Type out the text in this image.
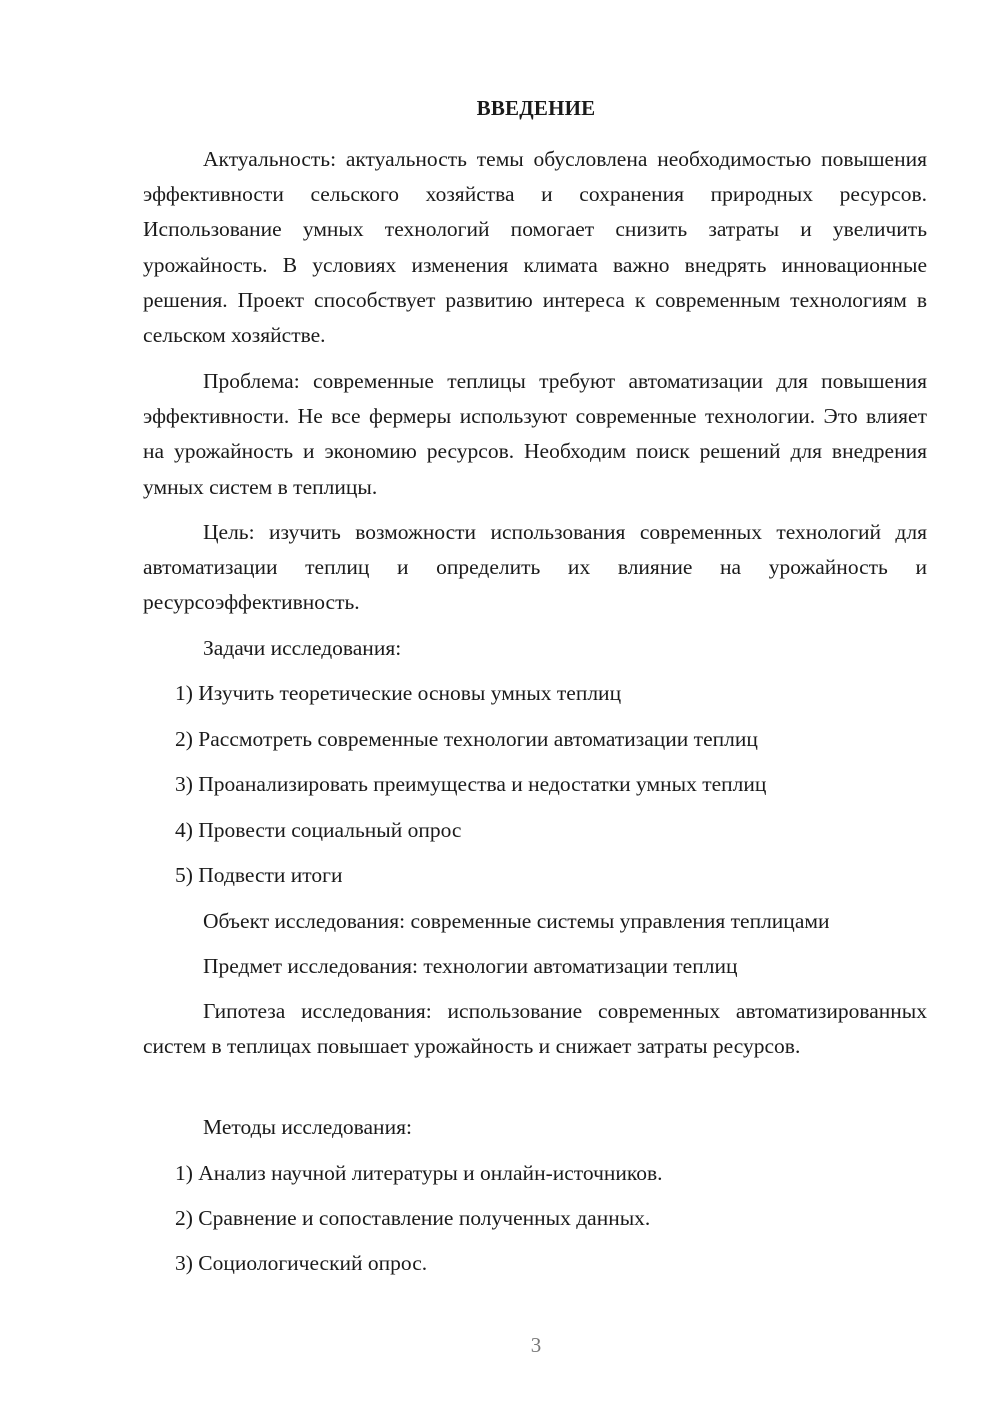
ВВЕДЕНИЕ
Актуальность: актуальность темы обусловлена необходимостью повышения эффективности сельского хозяйства и сохранения природных ресурсов. Использование умных технологий помогает снизить затраты и увеличить урожайность. В условиях изменения климата важно внедрять инновационные решения. Проект способствует развитию интереса к современным технологиям в сельском хозяйстве.
Проблема: современные теплицы требуют автоматизации для повышения эффективности. Не все фермеры используют современные технологии. Это влияет на урожайность и экономию ресурсов. Необходим поиск решений для внедрения умных систем в теплицы.
Цель: изучить возможности использования современных технологий для автоматизации теплиц и определить их влияние на урожайность и ресурсоэффективность.
Задачи исследования:
1) Изучить теоретические основы умных теплиц
2) Рассмотреть современные технологии автоматизации теплиц
3) Проанализировать преимущества и недостатки умных теплиц
4) Провести социальный опрос
5) Подвести итоги
Объект исследования: современные системы управления теплицами
Предмет исследования: технологии автоматизации теплиц
Гипотеза исследования: использование современных автоматизированных систем в теплицах повышает урожайность и снижает затраты ресурсов.
Методы исследования:
1) Анализ научной литературы и онлайн-источников.
2) Сравнение и сопоставление полученных данных.
3) Социологический опрос.
3
